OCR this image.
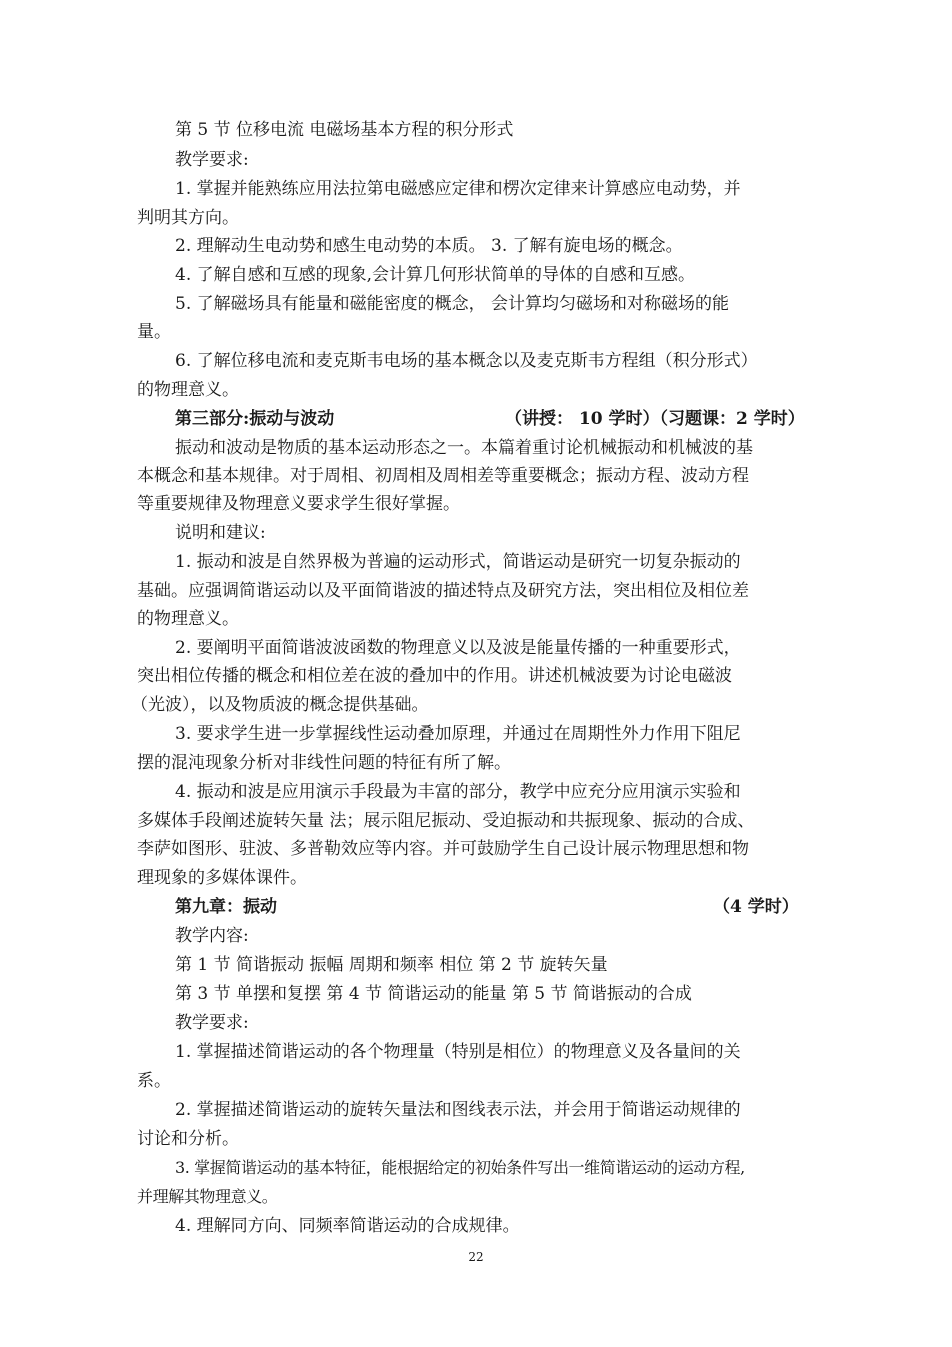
第 5 节 位移电流 电磁场基本方程的积分形式
教学要求:
1. 掌握并能熟练应用法拉第电磁感应定律和楞次定律来计算感应电动势，并
判明其方向。
2. 理解动生电动势和感生电动势的本质。 3. 了解有旋电场的概念。
4. 了解自感和互感的现象,会计算几何形状简单的导体的自感和互感。
5. 了解磁场具有能量和磁能密度的概念， 会计算均匀磁场和对称磁场的能
量。
6. 了解位移电流和麦克斯韦电场的基本概念以及麦克斯韦方程组（积分形式）
的物理意义。
第三部分:振动与波动	（讲授： 10 学时）（习题课：2 学时）
振动和波动是物质的基本运动形态之一。本篇着重讨论机械振动和机械波的基
本概念和基本规律。对于周相、初周相及周相差等重要概念；振动方程、波动方程
等重要规律及物理意义要求学生很好掌握。
说明和建议:
1. 振动和波是自然界极为普遍的运动形式，简谐运动是研究一切复杂振动的
基础。应强调简谐运动以及平面简谐波的描述特点及研究方法，突出相位及相位差
的物理意义。
2. 要阐明平面简谐波波函数的物理意义以及波是能量传播的一种重要形式，
突出相位传播的概念和相位差在波的叠加中的作用。讲述机械波要为讨论电磁波
（光波），以及物质波的概念提供基础。
3. 要求学生进一步掌握线性运动叠加原理，并通过在周期性外力作用下阻尼
摆的混沌现象分析对非线性问题的特征有所了解。
4. 振动和波是应用演示手段最为丰富的部分，教学中应充分应用演示实验和
多媒体手段阐述旋转矢量 法；展示阻尼振动、受迫振动和共振现象、振动的合成、
李萨如图形、驻波、多普勒效应等内容。并可鼓励学生自己设计展示物理思想和物
理现象的多媒体课件。
第九章：振动	（4 学时）
教学内容:
第 1 节 简谐振动 振幅 周期和频率 相位 第 2 节 旋转矢量
第 3 节 单摆和复摆 第 4 节 简谐运动的能量 第 5 节 简谐振动的合成
教学要求:
1. 掌握描述简谐运动的各个物理量（特别是相位）的物理意义及各量间的关
系。
2. 掌握描述简谐运动的旋转矢量法和图线表示法，并会用于简谐运动规律的
讨论和分析。
3. 掌握简谐运动的基本特征，能根据给定的初始条件写出一维简谐运动的运动方程,
并理解其物理意义。
4. 理解同方向、同频率简谐运动的合成规律。
22
